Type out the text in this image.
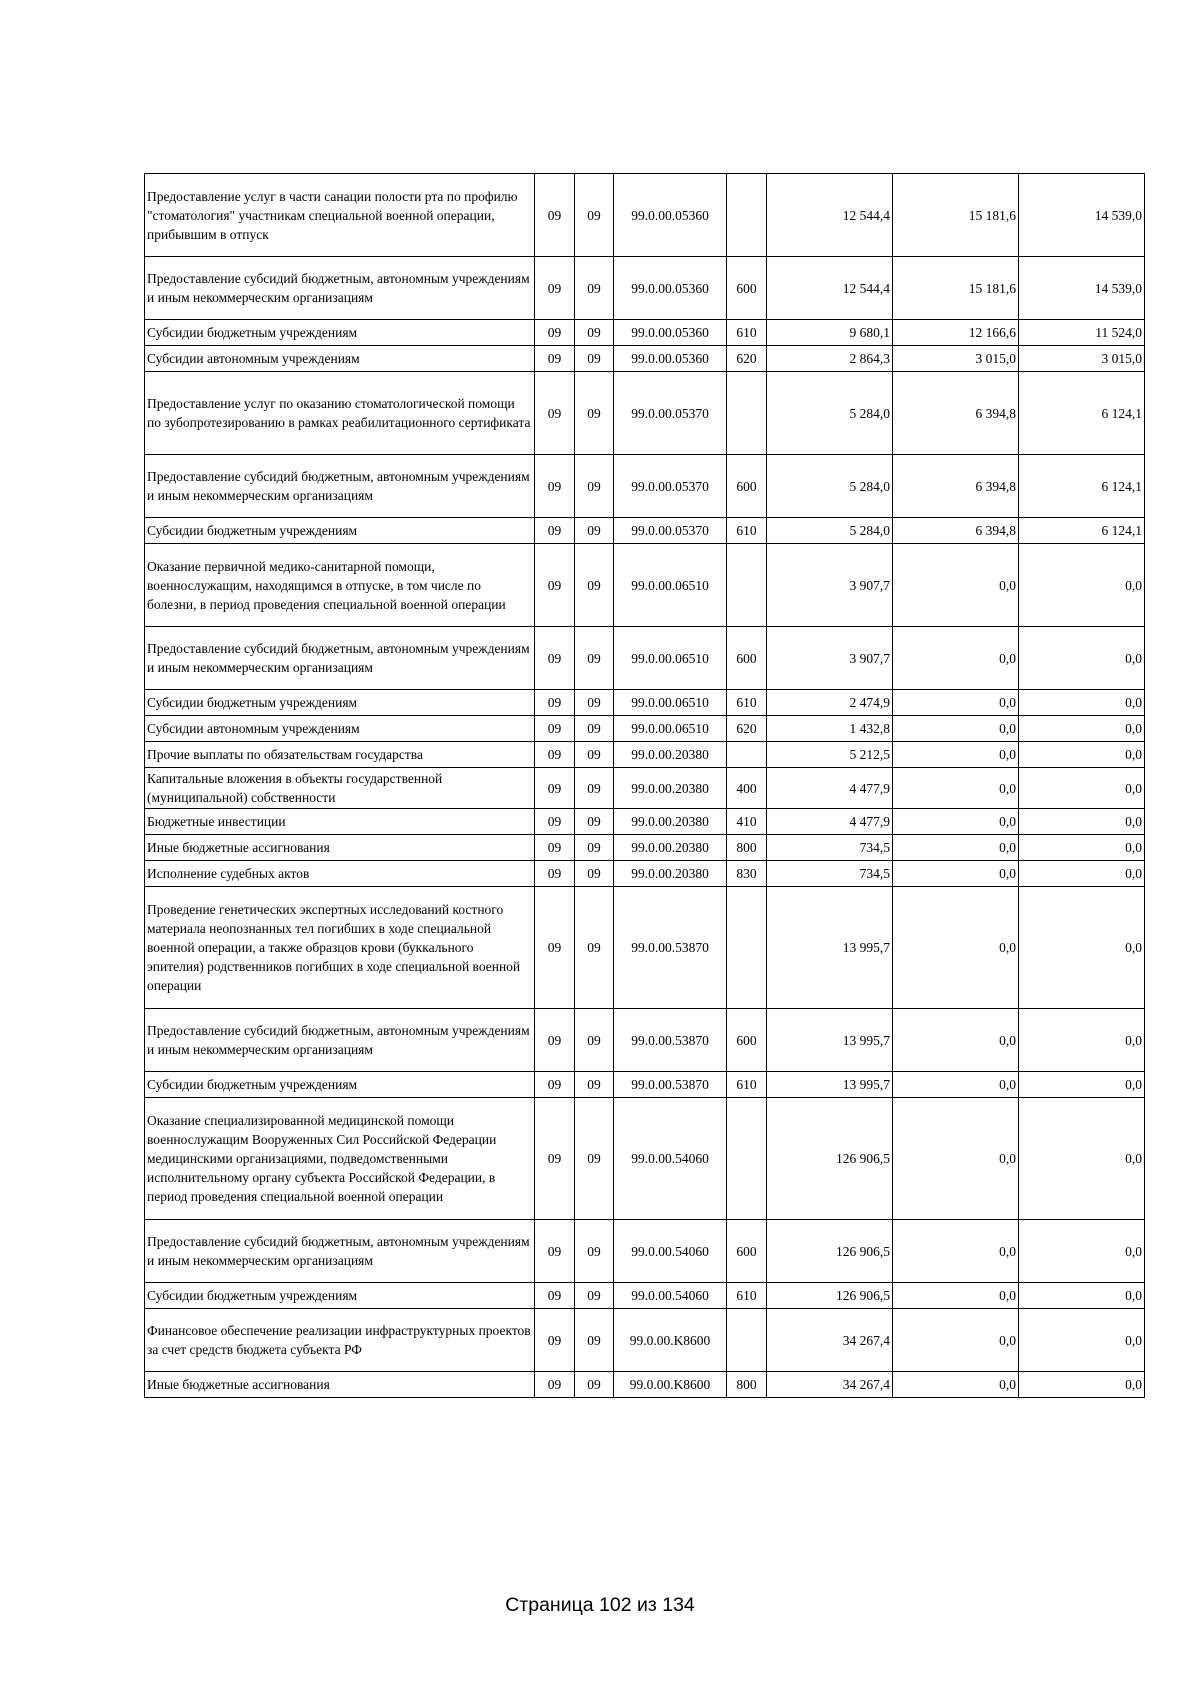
Предоставление услуг в части санации полости рта по профилю "стоматология" участникам специальной военной операции, прибывшим в отпуск	09	09	99.0.00.05360		12 544,4	15 181,6	14 539,0
Предоставление субсидий бюджетным, автономным учреждениям и иным некоммерческим организациям	09	09	99.0.00.05360	600	12 544,4	15 181,6	14 539,0
Субсидии бюджетным учреждениям	09	09	99.0.00.05360	610	9 680,1	12 166,6	11 524,0
Субсидии автономным учреждениям	09	09	99.0.00.05360	620	2 864,3	3 015,0	3 015,0
Предоставление услуг по оказанию стоматологической помощи по зубопротезированию в рамках реабилитационного сертификата	09	09	99.0.00.05370		5 284,0	6 394,8	6 124,1
Предоставление субсидий бюджетным, автономным учреждениям и иным некоммерческим организациям	09	09	99.0.00.05370	600	5 284,0	6 394,8	6 124,1
Субсидии бюджетным учреждениям	09	09	99.0.00.05370	610	5 284,0	6 394,8	6 124,1
Оказание первичной медико-санитарной помощи, военнослужащим, находящимся в отпуске, в том числе по болезни, в период проведения специальной военной операции	09	09	99.0.00.06510		3 907,7	0,0	0,0
Предоставление субсидий бюджетным, автономным учреждениям и иным некоммерческим организациям	09	09	99.0.00.06510	600	3 907,7	0,0	0,0
Субсидии бюджетным учреждениям	09	09	99.0.00.06510	610	2 474,9	0,0	0,0
Субсидии автономным учреждениям	09	09	99.0.00.06510	620	1 432,8	0,0	0,0
Прочие выплаты по обязательствам государства	09	09	99.0.00.20380		5 212,5	0,0	0,0
Капитальные вложения в объекты государственной (муниципальной) собственности	09	09	99.0.00.20380	400	4 477,9	0,0	0,0
Бюджетные инвестиции	09	09	99.0.00.20380	410	4 477,9	0,0	0,0
Иные бюджетные ассигнования	09	09	99.0.00.20380	800	734,5	0,0	0,0
Исполнение судебных актов	09	09	99.0.00.20380	830	734,5	0,0	0,0
Проведение генетических экспертных исследований костного материала неопознанных тел погибших в ходе специальной военной операции, а также образцов крови (буккального эпителия) родственников погибших в ходе специальной военной операции	09	09	99.0.00.53870		13 995,7	0,0	0,0
Предоставление субсидий бюджетным, автономным учреждениям и иным некоммерческим организациям	09	09	99.0.00.53870	600	13 995,7	0,0	0,0
Субсидии бюджетным учреждениям	09	09	99.0.00.53870	610	13 995,7	0,0	0,0
Оказание специализированной медицинской помощи военнослужащим Вооруженных Сил Российской Федерации медицинскими организациями, подведомственными исполнительному органу субъекта Российской Федерации, в период проведения специальной военной операции	09	09	99.0.00.54060		126 906,5	0,0	0,0
Предоставление субсидий бюджетным, автономным учреждениям и иным некоммерческим организациям	09	09	99.0.00.54060	600	126 906,5	0,0	0,0
Субсидии бюджетным учреждениям	09	09	99.0.00.54060	610	126 906,5	0,0	0,0
Финансовое обеспечение реализации инфраструктурных проектов за счет средств бюджета субъекта РФ	09	09	99.0.00.K8600		34 267,4	0,0	0,0
Иные бюджетные ассигнования	09	09	99.0.00.K8600	800	34 267,4	0,0	0,0
Страница 102 из 134
